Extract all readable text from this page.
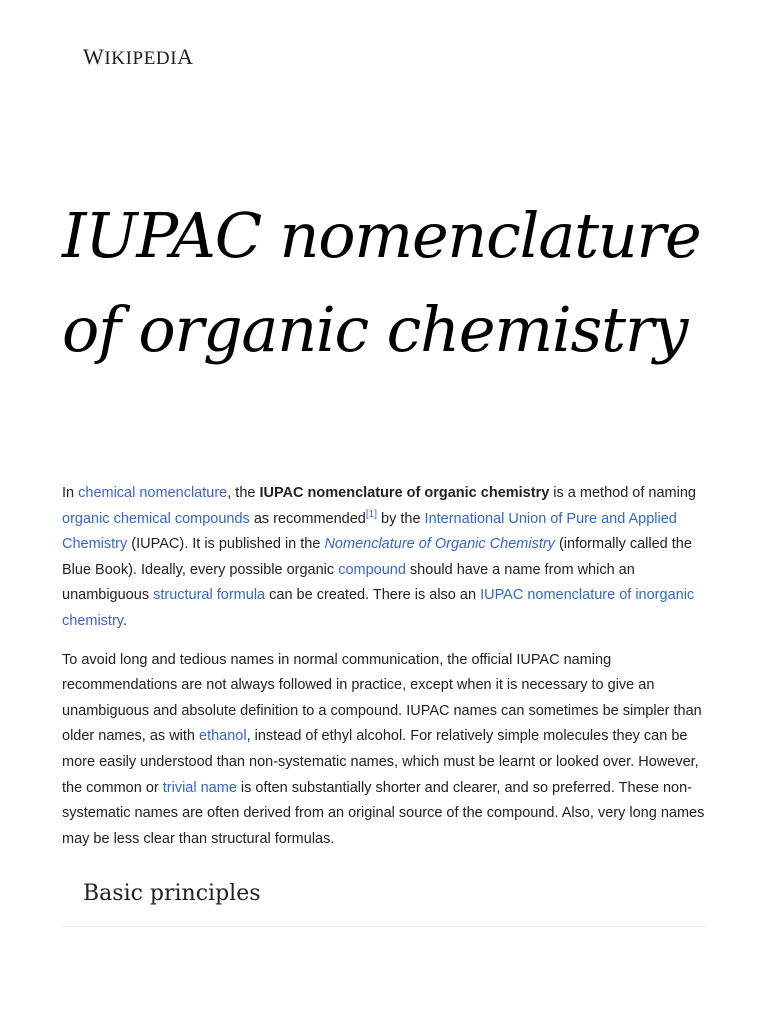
WIKIPEDIA
IUPAC nomenclature of organic chemistry

In chemical nomenclature, the IUPAC nomenclature of organic chemistry is a method of naming organic chemical compounds as recommended[1] by the International Union of Pure and Applied Chemistry (IUPAC). It is published in the Nomenclature of Organic Chemistry (informally called the Blue Book). Ideally, every possible organic compound should have a name from which an unambiguous structural formula can be created. There is also an IUPAC nomenclature of inorganic chemistry.

To avoid long and tedious names in normal communication, the official IUPAC naming recommendations are not always followed in practice, except when it is necessary to give an unambiguous and absolute definition to a compound. IUPAC names can sometimes be simpler than older names, as with ethanol, instead of ethyl alcohol. For relatively simple molecules they can be more easily understood than non-systematic names, which must be learnt or looked over. However, the common or trivial name is often substantially shorter and clearer, and so preferred. These non-systematic names are often derived from an original source of the compound. Also, very long names may be less clear than structural formulas.

Basic principles
